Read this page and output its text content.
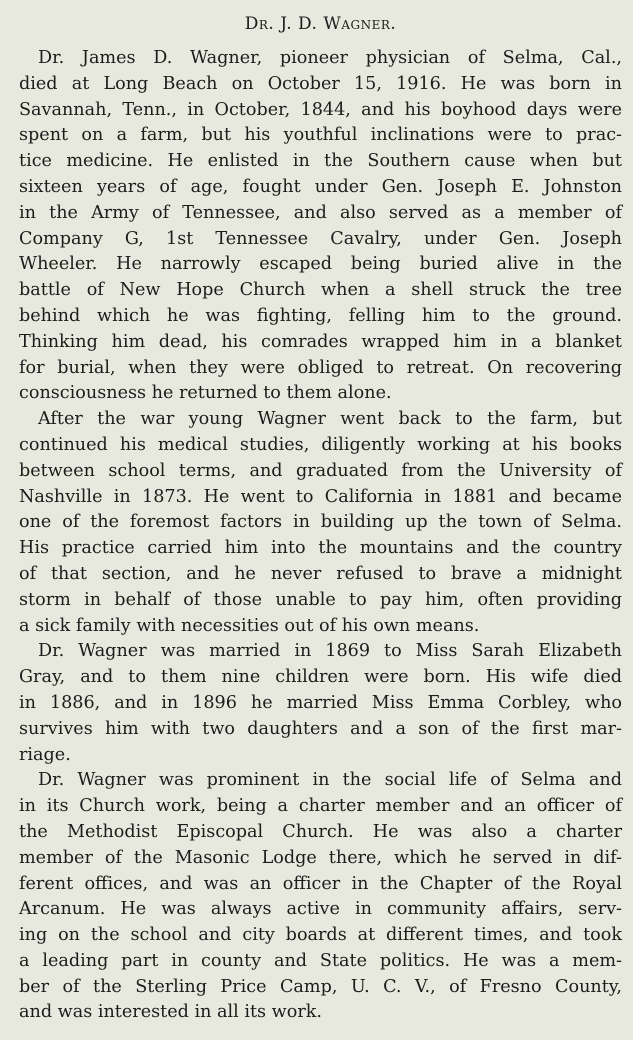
Dr. J. D. Wagner.
Dr. James D. Wagner, pioneer physician of Selma, Cal.,
died at Long Beach on October 15, 1916. He was born in
Savannah, Tenn., in October, 1844, and his boyhood days were
spent on a farm, but his youthful inclinations were to prac-
tice medicine. He enlisted in the Southern cause when but
sixteen years of age, fought under Gen. Joseph E. Johnston
in the Army of Tennessee, and also served as a member of
Company G, 1st Tennessee Cavalry, under Gen. Joseph
Wheeler. He narrowly escaped being buried alive in the
battle of New Hope Church when a shell struck the tree
behind which he was fighting, felling him to the ground.
Thinking him dead, his comrades wrapped him in a blanket
for burial, when they were obliged to retreat. On recovering
consciousness he returned to them alone.
After the war young Wagner went back to the farm, but
continued his medical studies, diligently working at his books
between school terms, and graduated from the University of
Nashville in 1873. He went to California in 1881 and became
one of the foremost factors in building up the town of Selma.
His practice carried him into the mountains and the country
of that section, and he never refused to brave a midnight
storm in behalf of those unable to pay him, often providing
a sick family with necessities out of his own means.
Dr. Wagner was married in 1869 to Miss Sarah Elizabeth
Gray, and to them nine children were born. His wife died
in 1886, and in 1896 he married Miss Emma Corbley, who
survives him with two daughters and a son of the first mar-
riage.
Dr. Wagner was prominent in the social life of Selma and
in its Church work, being a charter member and an officer of
the Methodist Episcopal Church. He was also a charter
member of the Masonic Lodge there, which he served in dif-
ferent offices, and was an officer in the Chapter of the Royal
Arcanum. He was always active in community affairs, serv-
ing on the school and city boards at different times, and took
a leading part in county and State politics. He was a mem-
ber of the Sterling Price Camp, U. C. V., of Fresno County,
and was interested in all its work.
